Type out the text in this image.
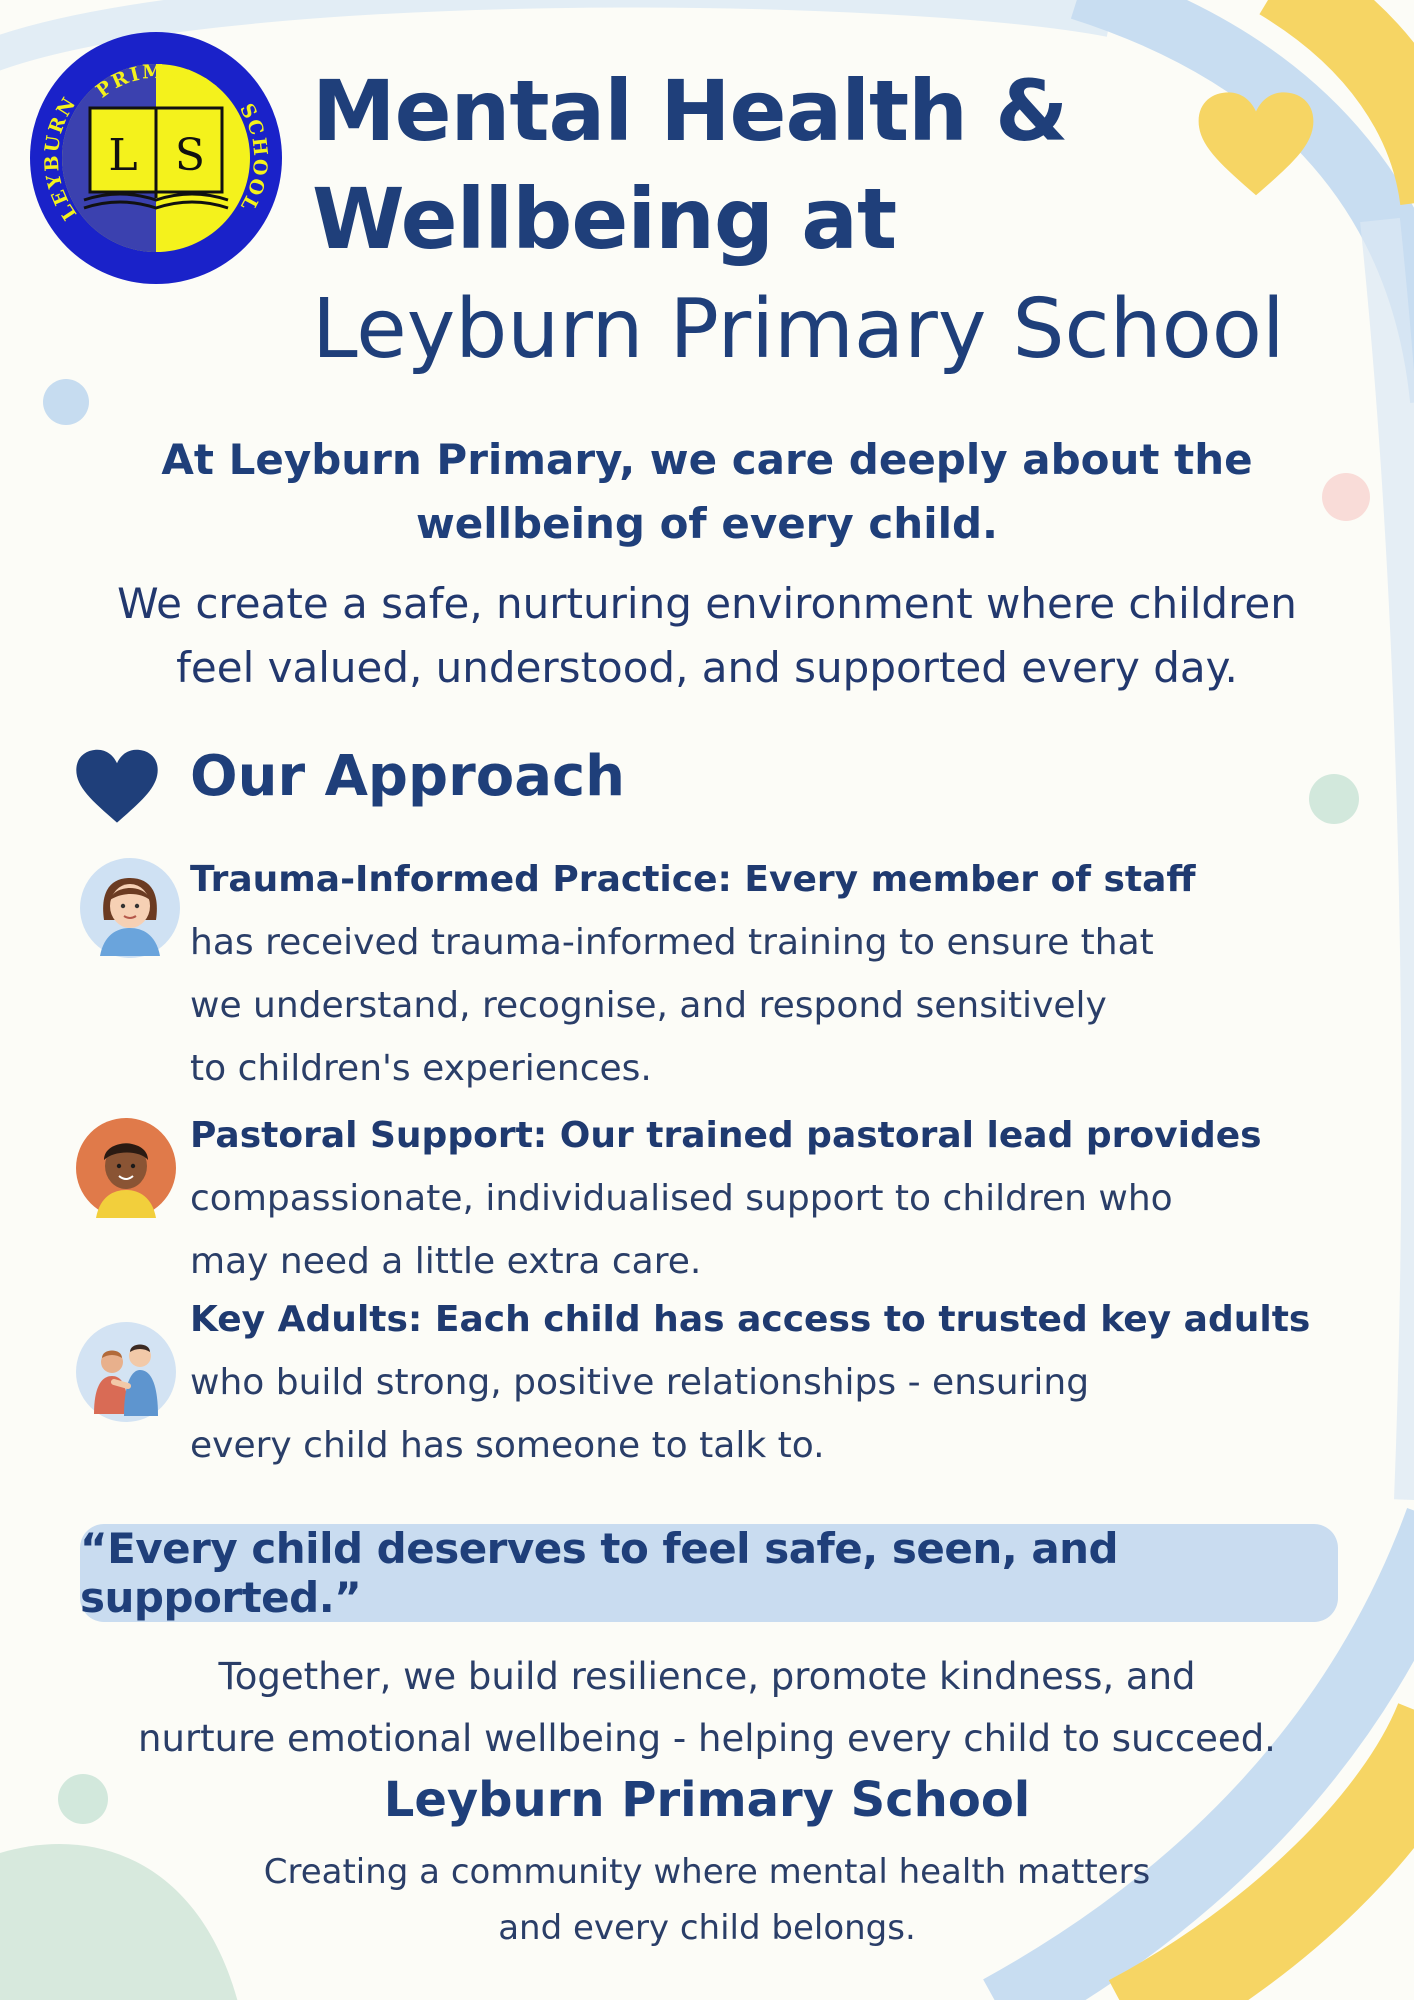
L S
PRIMARY
LEYBURN	SCHOOL
Mental Health &
Wellbeing at
Leyburn Primary School
At Leyburn Primary, we care deeply about the
wellbeing of every child.
We create a safe, nurturing environment where children
feel valued, understood, and supported every day.
Our Approach
Trauma-Informed Practice: Every member of staff
has received trauma-informed training to ensure that
we understand, recognise, and respond sensitively
to children's experiences.
Pastoral Support: Our trained pastoral lead provides
compassionate, individualised support to children who
may need a little extra care.
Key Adults: Each child has access to trusted key adults
who build strong, positive relationships - ensuring
every child has someone to talk to.
“Every child deserves to feel safe, seen, and supported.”
Together, we build resilience, promote kindness, and
nurture emotional wellbeing - helping every child to succeed.
Leyburn Primary School
Creating a community where mental health matters
and every child belongs.
